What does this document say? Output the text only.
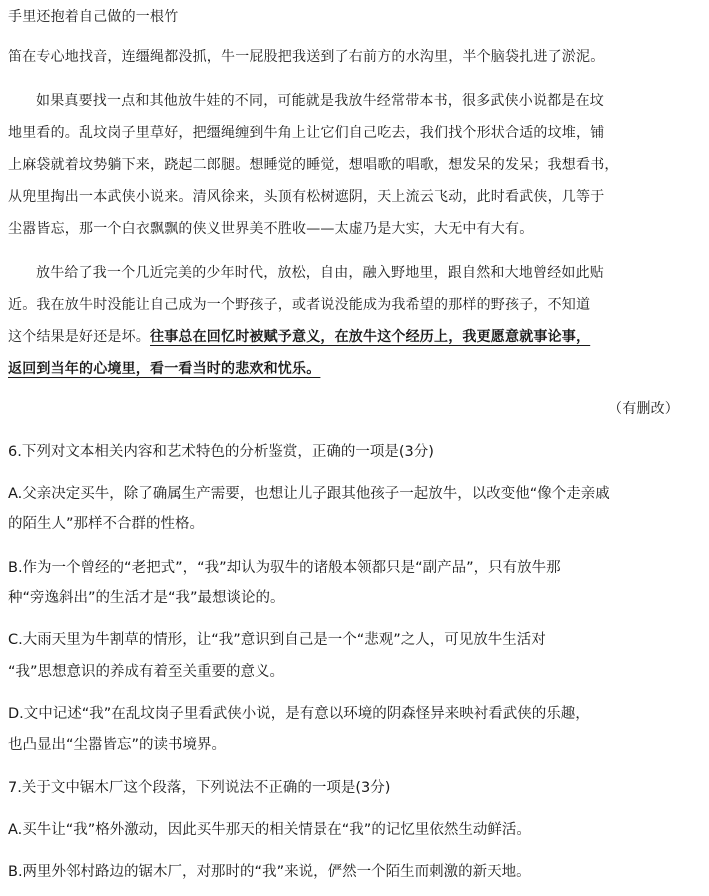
手里还抱着自己做的一根竹
笛在专心地找音，连缰绳都没抓，牛一屁股把我送到了右前方的水沟里，半个脑袋扎进了淤泥。
如果真要找一点和其他放牛娃的不同，可能就是我放牛经常带本书，很多武侠小说都是在坟
地里看的。乱坟岗子里草好，把缰绳缠到牛角上让它们自己吃去，我们找个形状合适的坟堆，铺
上麻袋就着坟势躺下来，跷起二郎腿。想睡觉的睡觉，想唱歌的唱歌，想发呆的发呆；我想看书，
从兜里掏出一本武侠小说来。清风徐来，头顶有松树遮阴，天上流云飞动，此时看武侠，几等于
尘嚣皆忘，那一个白衣飘飘的侠义世界美不胜收——太虚乃是大实，大无中有大有。
放牛给了我一个几近完美的少年时代，放松，自由，融入野地里，跟自然和大地曾经如此贴
近。我在放牛时没能让自己成为一个野孩子，或者说没能成为我希望的那样的野孩子，不知道
这个结果是好还是坏。往事总在回忆时被赋予意义，在放牛这个经历上，我更愿意就事论事，
返回到当年的心境里，看一看当时的悲欢和忧乐。
（有删改）
6.下列对文本相关内容和艺术特色的分析鉴赏，正确的一项是(3分)
A.父亲决定买牛，除了确属生产需要，也想让儿子跟其他孩子一起放牛，以改变他“像个走亲戚
的陌生人”那样不合群的性格。
B.作为一个曾经的“老把式”，“我”却认为驭牛的诸般本领都只是“副产品”，只有放牛那
种“旁逸斜出”的生活才是“我”最想谈论的。
C.大雨天里为牛割草的情形，让“我”意识到自己是一个“悲观”之人，可见放牛生活对
“我”思想意识的养成有着至关重要的意义。
D.文中记述“我”在乱坟岗子里看武侠小说，是有意以环境的阴森怪异来映衬看武侠的乐趣，
也凸显出“尘嚣皆忘”的读书境界。
7.关于文中锯木厂这个段落，下列说法不正确的一项是(3分)
A.买牛让“我”格外激动，因此买牛那天的相关情景在“我”的记忆里依然生动鲜活。
B.两里外邻村路边的锯木厂，对那时的“我”来说，俨然一个陌生而刺激的新天地。
